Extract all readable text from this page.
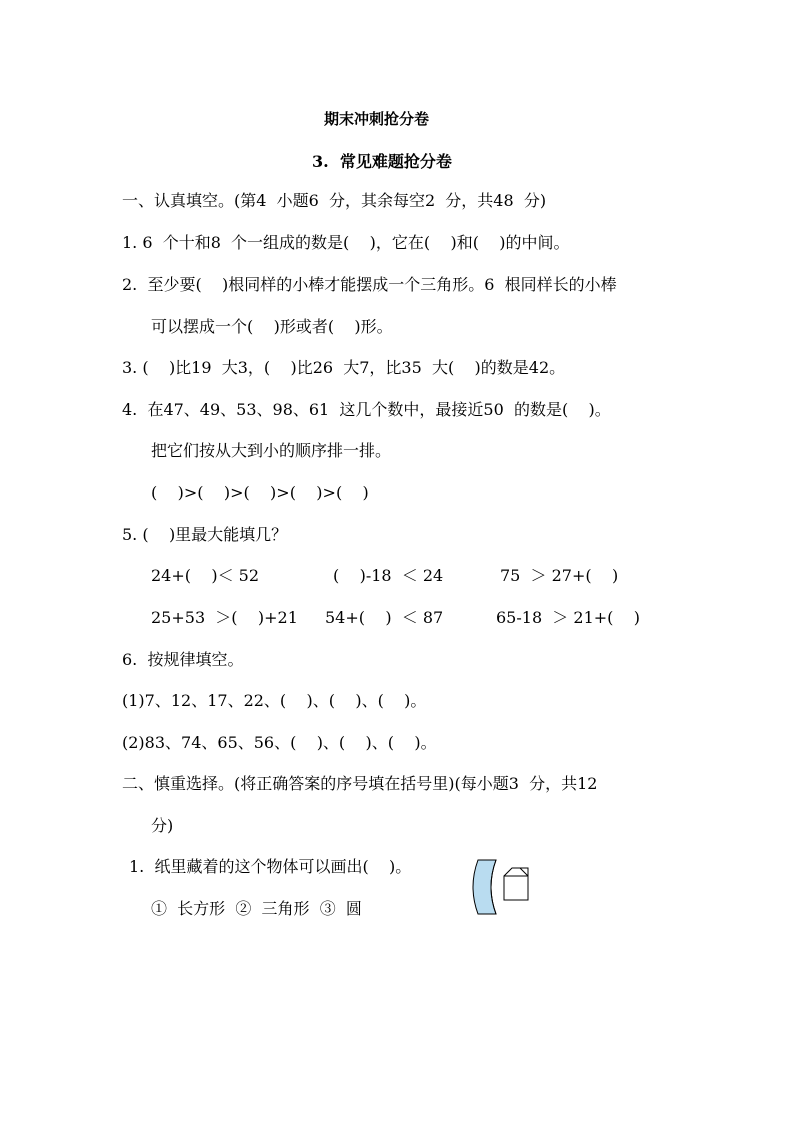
期末冲刺抢分卷
3.  常见难题抢分卷
一、认真填空。(第4  小题6  分，其余每空2  分，共48  分)
1. 6  个十和8  个一组成的数是(    )，它在(    )和(    )的中间。
2.  至少要(    )根同样的小棒才能摆成一个三角形。6  根同样长的小棒
可以摆成一个(    )形或者(    )形。
3. (    )比19  大3，(    )比26  大7，比35  大(    )的数是42。
4.  在47、49、53、98、61  这几个数中，最接近50  的数是(    )。
把它们按从大到小的顺序排一排。
(    )>(    )>(    )>(    )>(    )
5. (    )里最大能填几？
24+(    )＜ 52	(    )-18  ＜ 24	75  ＞ 27+(    )
25+53  ＞(    )+21 54+(    )  ＜ 87	65-18  ＞ 21+(    )
6.  按规律填空。
(1)7、12、17、22、(    )、(    )、(    )。
(2)83、74、65、56、(    )、(    )、(    )。
二、慎重选择。(将正确答案的序号填在括号里)(每小题3  分，共12
分)
1.  纸里藏着的这个物体可以画出(    )。
①  长方形  ②  三角形  ③  圆
